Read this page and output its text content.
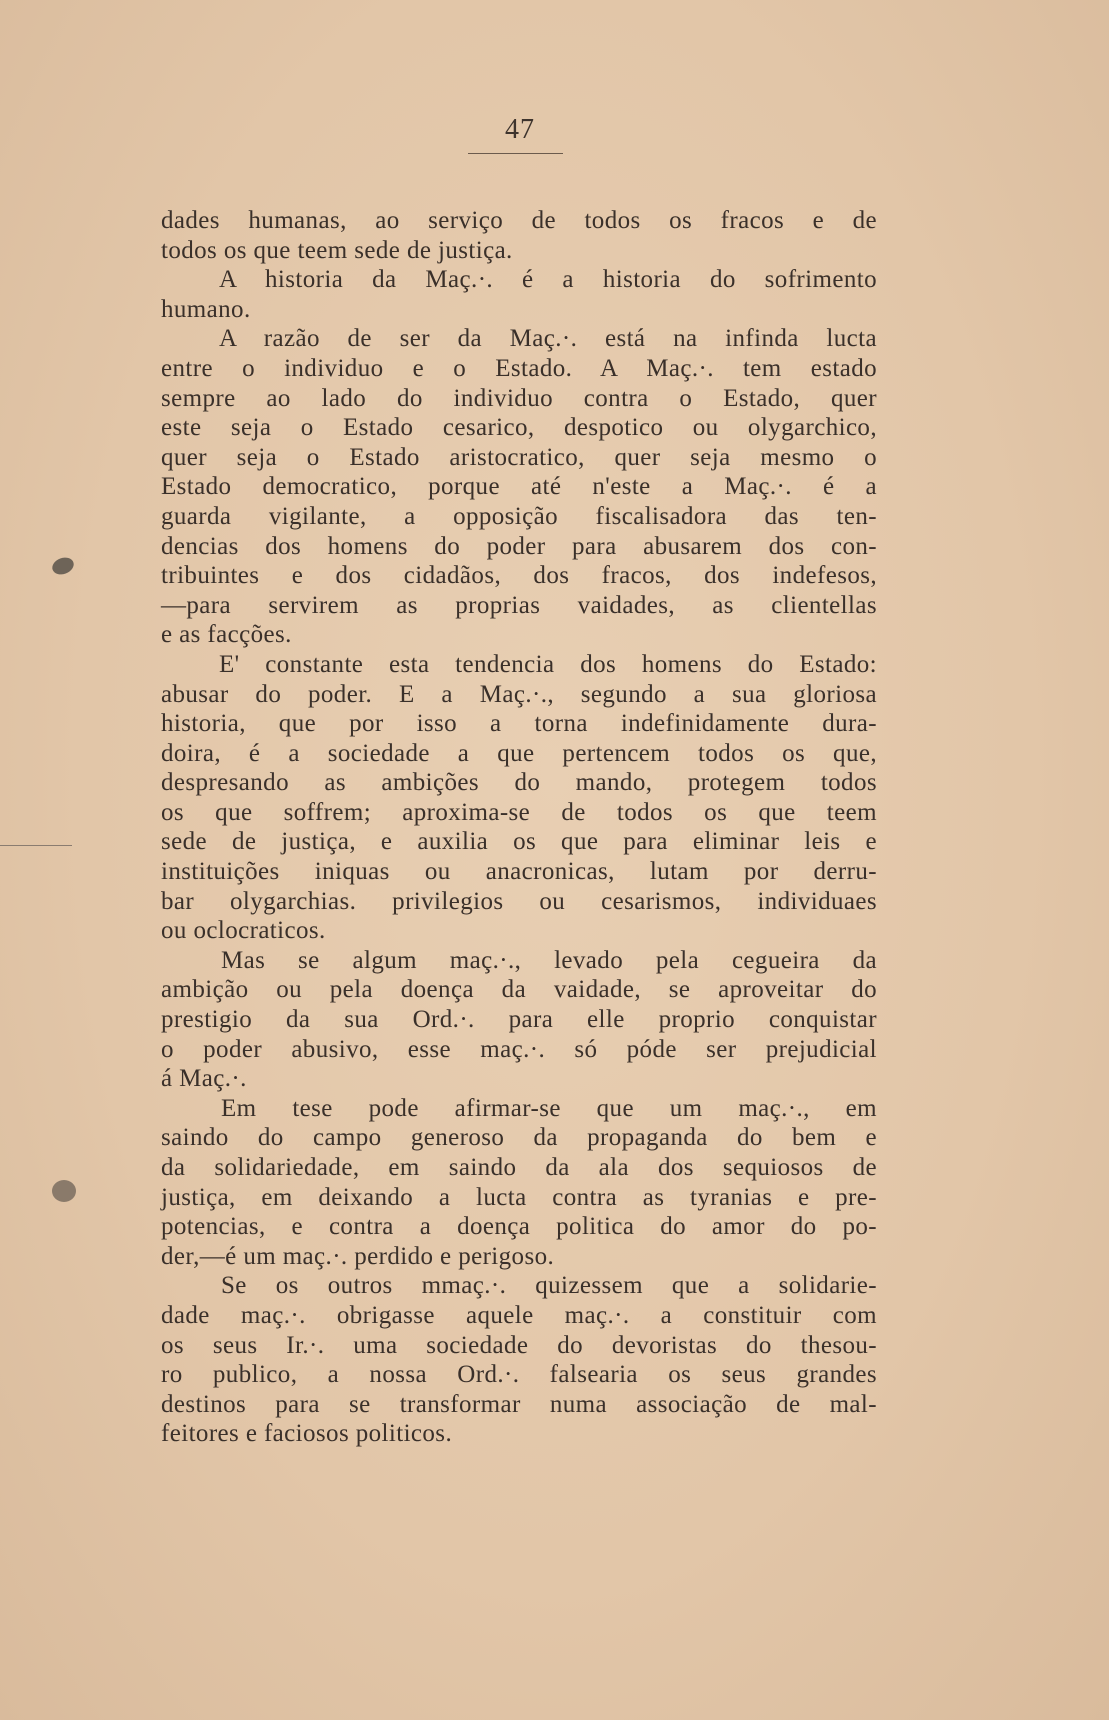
47
dades humanas, ao serviço de todos os fracos e de
todos os que teem sede de justiça.
A historia da Maç.·. é a historia do sofrimento
humano.
A razão de ser da Maç.·. está na infinda lucta
entre o individuo e o Estado. A Maç.·. tem estado
sempre ao lado do individuo contra o Estado, quer
este seja o Estado cesarico, despotico ou olygarchico,
quer seja o Estado aristocratico, quer seja mesmo o
Estado democratico, porque até n'este a Maç.·. é a
guarda vigilante, a opposição fiscalisadora das ten-
dencias dos homens do poder para abusarem dos con-
tribuintes e dos cidadãos, dos fracos, dos indefesos,
—para servirem as proprias vaidades, as clientellas
e as facções.
E' constante esta tendencia dos homens do Estado:
abusar do poder. E a Maç.·., segundo a sua gloriosa
historia, que por isso a torna indefinidamente dura-
doira, é a sociedade a que pertencem todos os que,
despresando as ambições do mando, protegem todos
os que soffrem; aproxima-se de todos os que teem
sede de justiça, e auxilia os que para eliminar leis e
instituições iniquas ou anacronicas, lutam por derru-
bar olygarchias. privilegios ou cesarismos, individuaes
ou oclocraticos.
Mas se algum maç.·., levado pela cegueira da
ambição ou pela doença da vaidade, se aproveitar do
prestigio da sua Ord.·. para elle proprio conquistar
o poder abusivo, esse maç.·. só póde ser prejudicial
á Maç.·.
Em tese pode afirmar-se que um maç.·., em
saindo do campo generoso da propaganda do bem e
da solidariedade, em saindo da ala dos sequiosos de
justiça, em deixando a lucta contra as tyranias e pre-
potencias, e contra a doença politica do amor do po-
der,—é um maç.·. perdido e perigoso.
Se os outros mmaç.·. quizessem que a solidarie-
dade maç.·. obrigasse aquele maç.·. a constituir com
os seus Ir.·. uma sociedade do devoristas do thesou-
ro publico, a nossa Ord.·. falsearia os seus grandes
destinos para se transformar numa associação de mal-
feitores e faciosos politicos.
